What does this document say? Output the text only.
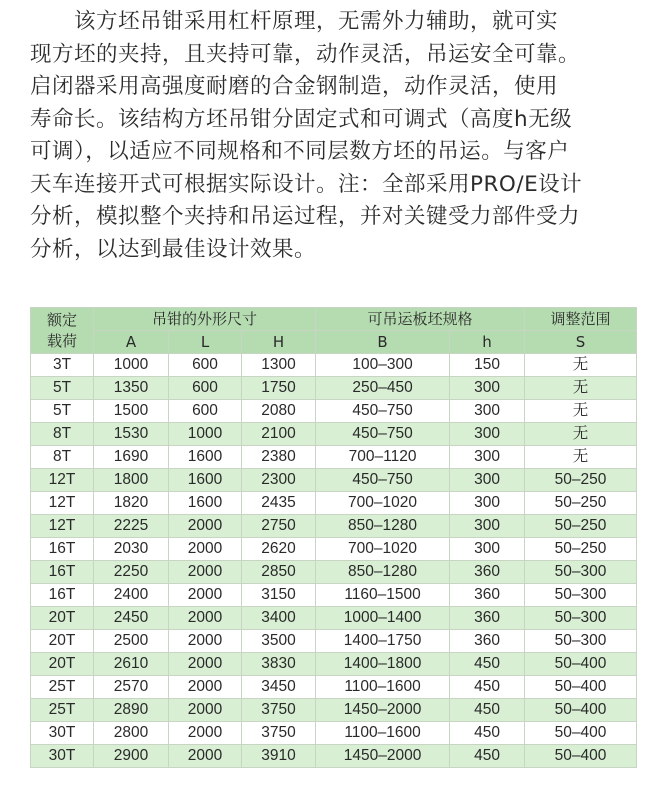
　　该方坯吊钳采用杠杆原理，无需外力辅助，就可实

现方坯的夹持，且夹持可靠，动作灵活，吊运安全可靠。

启闭器采用高强度耐磨的合金钢制造，动作灵活，使用

寿命长。该结构方坯吊钳分固定式和可调式（高度h无级

可调），以适应不同规格和不同层数方坯的吊运。与客户

天车连接开式可根据实际设计。注：全部采用PRO/E设计

分析，模拟整个夹持和吊运过程，并对关键受力部件受力

分析，以达到最佳设计效果。

额定
载荷	吊钳的外形尺寸			可吊运板坯规格		调整范围
	A	L	H	B	h	S
3T	1000	600	1300	100–300	150	无
5T	1350	600	1750	250–450	300	无
5T	1500	600	2080	450–750	300	无
8T	1530	1000	2100	450–750	300	无
8T	1690	1600	2380	700–1120	300	无
12T	1800	1600	2300	450–750	300	50–250
12T	1820	1600	2435	700–1020	300	50–250
12T	2225	2000	2750	850–1280	300	50–250
16T	2030	2000	2620	700–1020	300	50–250
16T	2250	2000	2850	850–1280	360	50–300
16T	2400	2000	3150	1160–1500	360	50–300
20T	2450	2000	3400	1000–1400	360	50–300
20T	2500	2000	3500	1400–1750	360	50–300
20T	2610	2000	3830	1400–1800	450	50–400
25T	2570	2000	3450	1100–1600	450	50–400
25T	2890	2000	3750	1450–2000	450	50–400
30T	2800	2000	3750	1100–1600	450	50–400
30T	2900	2000	3910	1450–2000	450	50–400
